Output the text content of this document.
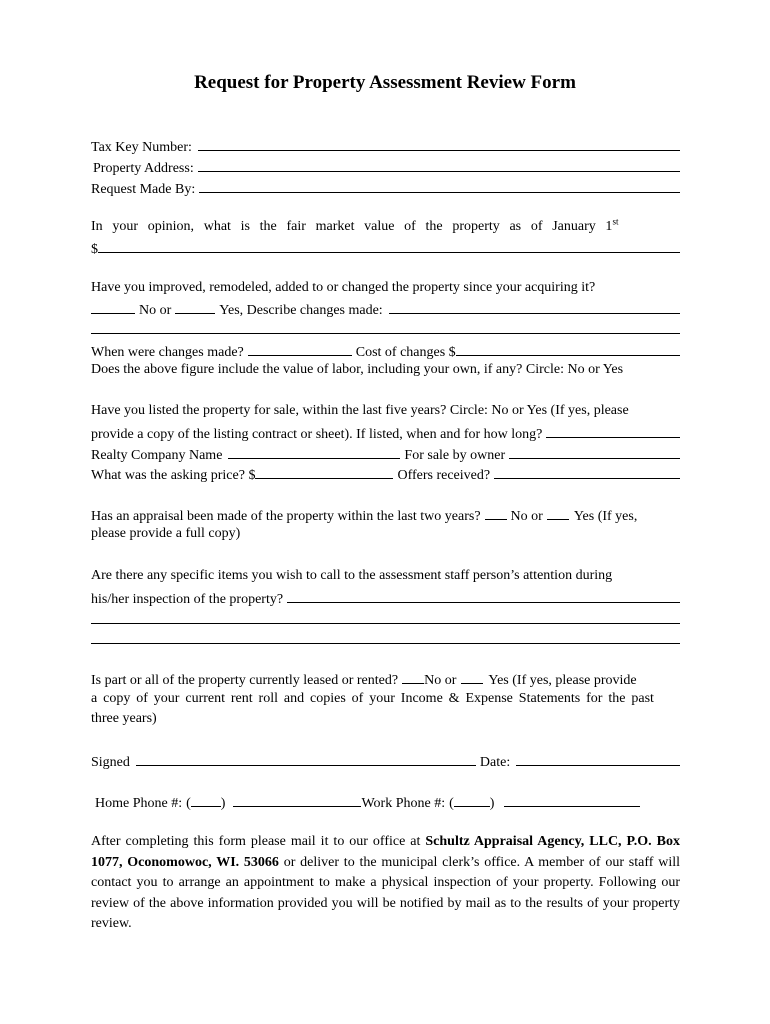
Request for Property Assessment Review Form
Tax Key Number:
Property Address:
Request Made By:
In your opinion, what is the fair market value of the property as of January 1st
$
Have you improved, remodeled, added to or changed the property since your acquiring it?
No or	Yes, Describe changes made:
When were changes made?	Cost of changes $
Does the above figure include the value of labor, including your own, if any? Circle: No or Yes
Have you listed the property for sale, within the last five years? Circle: No or Yes (If yes, please
provide a copy of the listing contract or sheet). If listed, when and for how long?
Realty Company Name	For sale by owner
What was the asking price? $	Offers received?
Has an appraisal been made of the property within the last two years? No or Yes (If yes,
please provide a full copy)
Are there any specific items you wish to call to the assessment staff person’s attention during
his/her inspection of the property?
Is part or all of the property currently leased or rented? No or Yes (If yes, please provide
a copy of your current rent roll and copies of your Income & Expense Statements for the past
three years)
Signed	Date:
Home Phone #: ( )	Work Phone #: (	)
After completing this form please mail it to our office at Schultz Appraisal Agency, LLC, P.O. Box 1077, Oconomowoc, WI. 53066 or deliver to the municipal clerk’s office. A member of our staff will contact you to arrange an appointment to make a physical inspection of your property. Following our review of the above information provided you will be notified by mail as to the results of your property review.
